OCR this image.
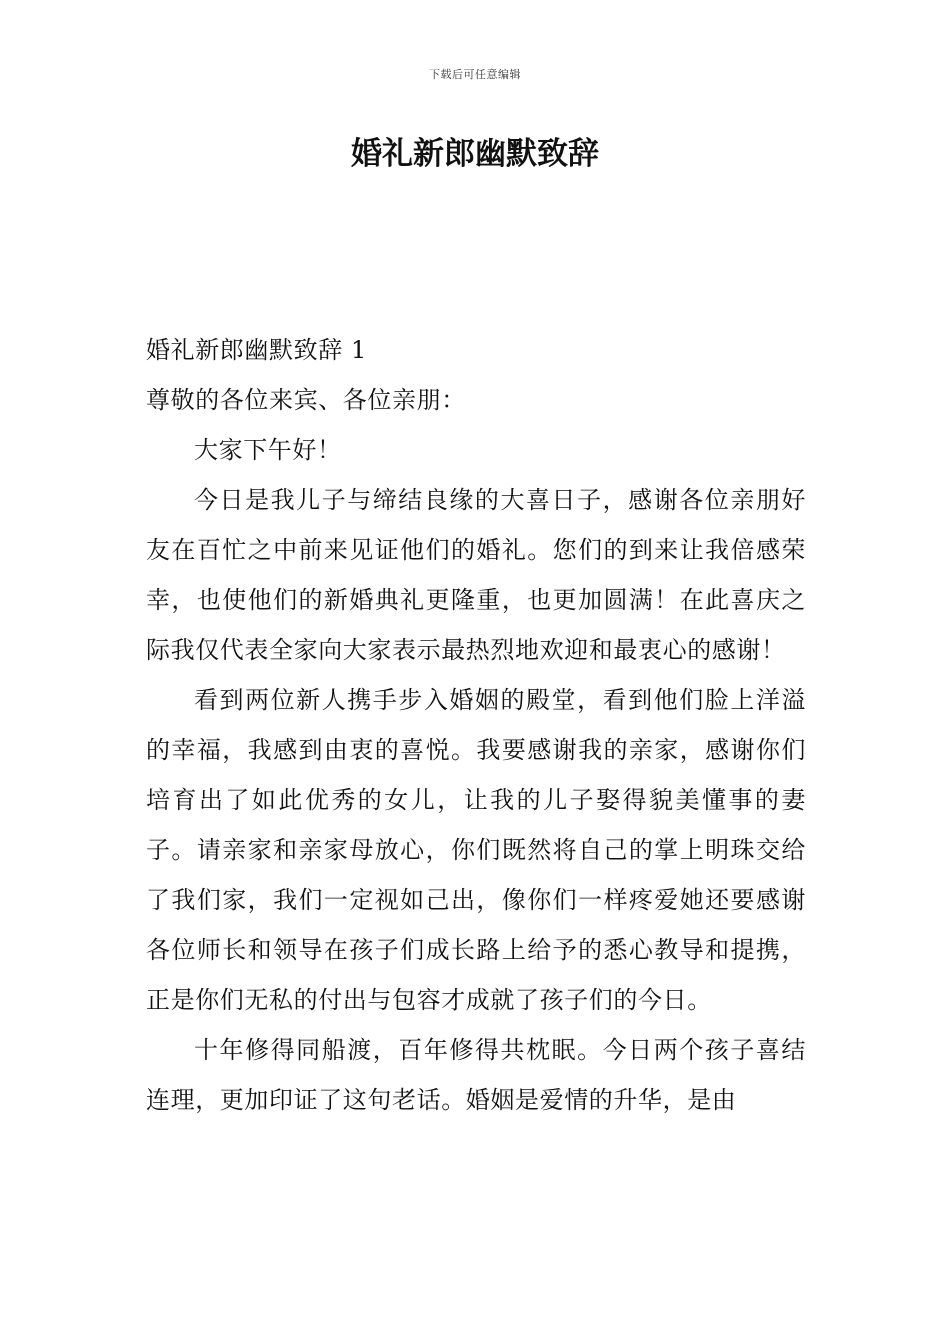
下载后可任意编辑
婚礼新郎幽默致辞

婚礼新郎幽默致辞 1

尊敬的各位来宾、各位亲朋：

大家下午好！

今日是我儿子与缔结良缘的大喜日子，感谢各位亲朋好友在百忙之中前来见证他们的婚礼。您们的到来让我倍感荣幸，也使他们的新婚典礼更隆重，也更加圆满！在此喜庆之际我仅代表全家向大家表示最热烈地欢迎和最衷心的感谢！

看到两位新人携手步入婚姻的殿堂，看到他们脸上洋溢的幸福，我感到由衷的喜悦。我要感谢我的亲家，感谢你们培育出了如此优秀的女儿，让我的儿子娶得貌美懂事的妻子。请亲家和亲家母放心，你们既然将自己的掌上明珠交给了我们家，我们一定视如己出，像你们一样疼爱她还要感谢各位师长和领导在孩子们成长路上给予的悉心教导和提携，正是你们无私的付出与包容才成就了孩子们的今日。

十年修得同船渡，百年修得共枕眠。今日两个孩子喜结连理，更加印证了这句老话。婚姻是爱情的升华，是由
